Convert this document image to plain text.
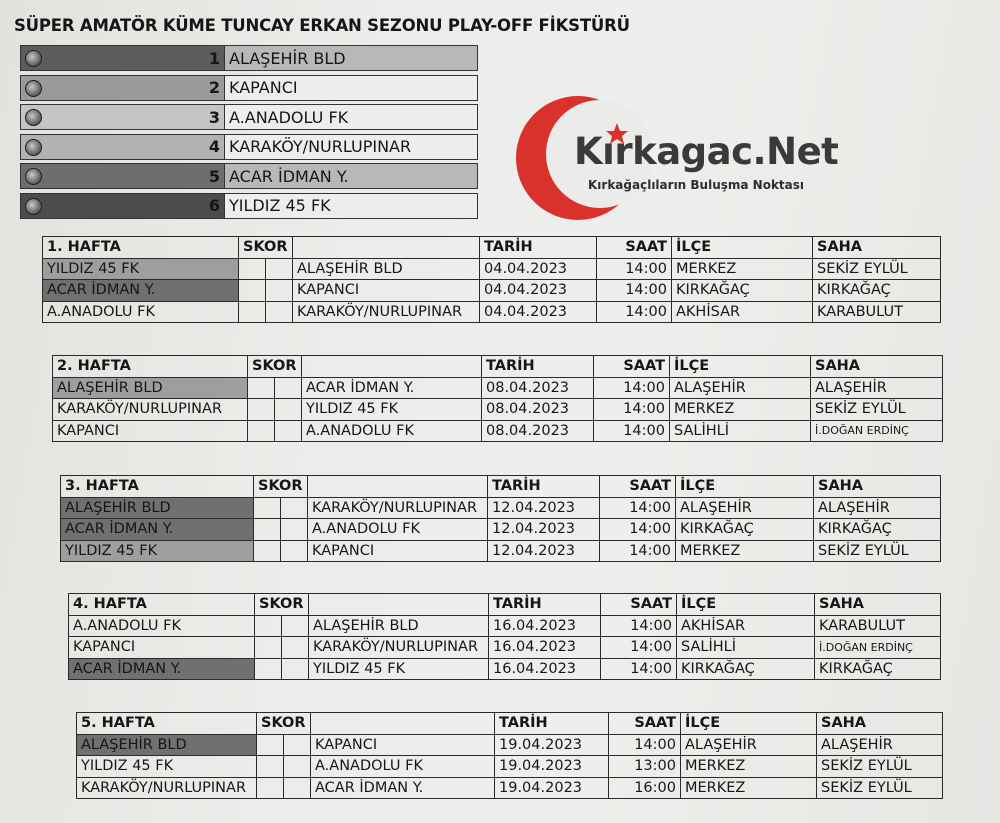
SÜPER AMATÖR KÜME TUNCAY ERKAN SEZONU PLAY-OFF FİKSTÜRÜ
1 ALAŞEHİR BLD
2 KAPANCI
3 A.ANADOLU FK
4 KARAKÖY/NURLUPINAR
5 ACAR İDMAN Y.
6 YILDIZ 45 FK
Kırkagac.Net
Kırkağaçlıların Buluşma Noktası
1. HAFTA	SKOR			TARİH	SAAT	İLÇE	SAHA
YILDIZ 45 FK			ALAŞEHİR BLD	04.04.2023	14:00	MERKEZ	SEKİZ EYLÜL
ACAR İDMAN Y.			KAPANCI	04.04.2023	14:00	KIRKAĞAÇ	KIRKAĞAÇ
A.ANADOLU FK			KARAKÖY/NURLUPINAR	04.04.2023	14:00	AKHİSAR	KARABULUT
2. HAFTA	SKOR			TARİH	SAAT	İLÇE	SAHA
ALAŞEHİR BLD			ACAR İDMAN Y.	08.04.2023	14:00	ALAŞEHİR	ALAŞEHİR
KARAKÖY/NURLUPINAR			YILDIZ 45 FK	08.04.2023	14:00	MERKEZ	SEKİZ EYLÜL
KAPANCI			A.ANADOLU FK	08.04.2023	14:00	SALİHLİ	İ.DOĞAN ERDİNÇ
3. HAFTA	SKOR			TARİH	SAAT	İLÇE	SAHA
ALAŞEHİR BLD			KARAKÖY/NURLUPINAR	12.04.2023	14:00	ALAŞEHİR	ALAŞEHİR
ACAR İDMAN Y.			A.ANADOLU FK	12.04.2023	14:00	KIRKAĞAÇ	KIRKAĞAÇ
YILDIZ 45 FK			KAPANCI	12.04.2023	14:00	MERKEZ	SEKİZ EYLÜL
4. HAFTA	SKOR			TARİH	SAAT	İLÇE	SAHA
A.ANADOLU FK			ALAŞEHİR BLD	16.04.2023	14:00	AKHİSAR	KARABULUT
KAPANCI			KARAKÖY/NURLUPINAR	16.04.2023	14:00	SALİHLİ	İ.DOĞAN ERDİNÇ
ACAR İDMAN Y.			YILDIZ 45 FK	16.04.2023	14:00	KIRKAĞAÇ	KIRKAĞAÇ
5. HAFTA	SKOR			TARİH	SAAT	İLÇE	SAHA
ALAŞEHİR BLD			KAPANCI	19.04.2023	14:00	ALAŞEHİR	ALAŞEHİR
YILDIZ 45 FK			A.ANADOLU FK	19.04.2023	13:00	MERKEZ	SEKİZ EYLÜL
KARAKÖY/NURLUPINAR			ACAR İDMAN Y.	19.04.2023	16:00	MERKEZ	SEKİZ EYLÜL
